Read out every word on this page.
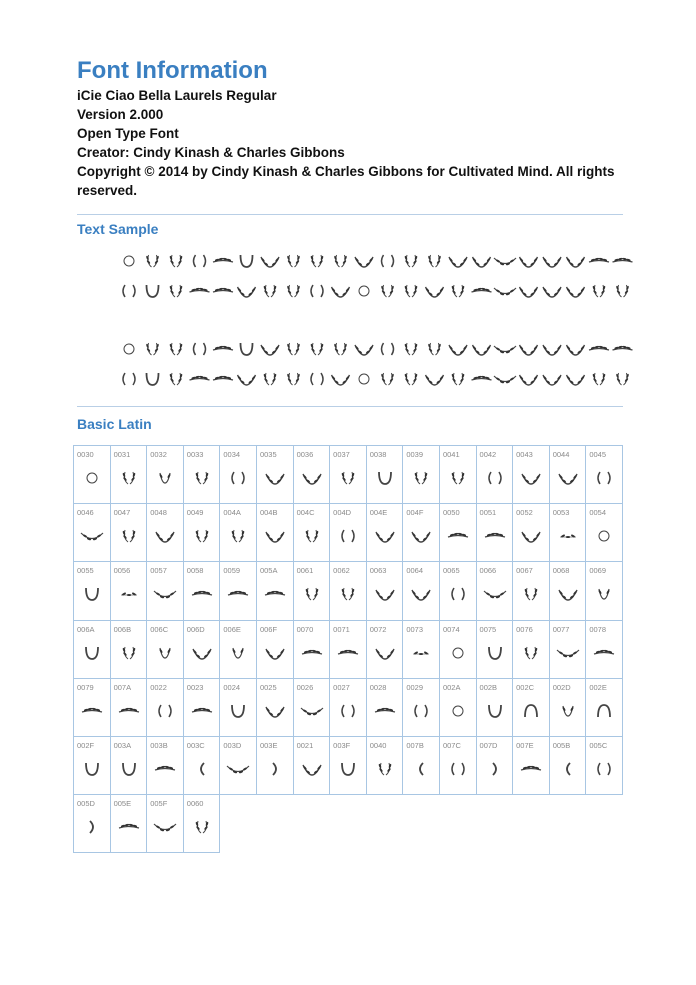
Font Information
iCie Ciao Bella Laurels Regular
Version 2.000
Open Type Font
Creator: Cindy Kinash & Charles Gibbons
Copyright © 2014 by Cindy Kinash & Charles Gibbons for Cultivated Mind. All rights reserved.
Text Sample
Basic Latin
0030	0031	0032	0033	0034	0035	0036	0037	0038	0039	0041	0042	0043	0044	0045

0046	0047	0048	0049	004A	004B	004C	004D	004E	004F	0050	0051	0052	0053	0054

0055	0056	0057	0058	0059	005A	0061	0062	0063	0064	0065	0066	0067	0068	0069

006A	006B	006C	006D	006E	006F	0070	0071	0072	0073	0074	0075	0076	0077	0078

0079	007A	0022	0023	0024	0025	0026	0027	0028	0029	002A	002B	002C	002D	002E

002F	003A	003B	003C	003D	003E	0021	003F	0040	007B	007C	007D	007E	005B	005C

005D	005E	005F	0060											
